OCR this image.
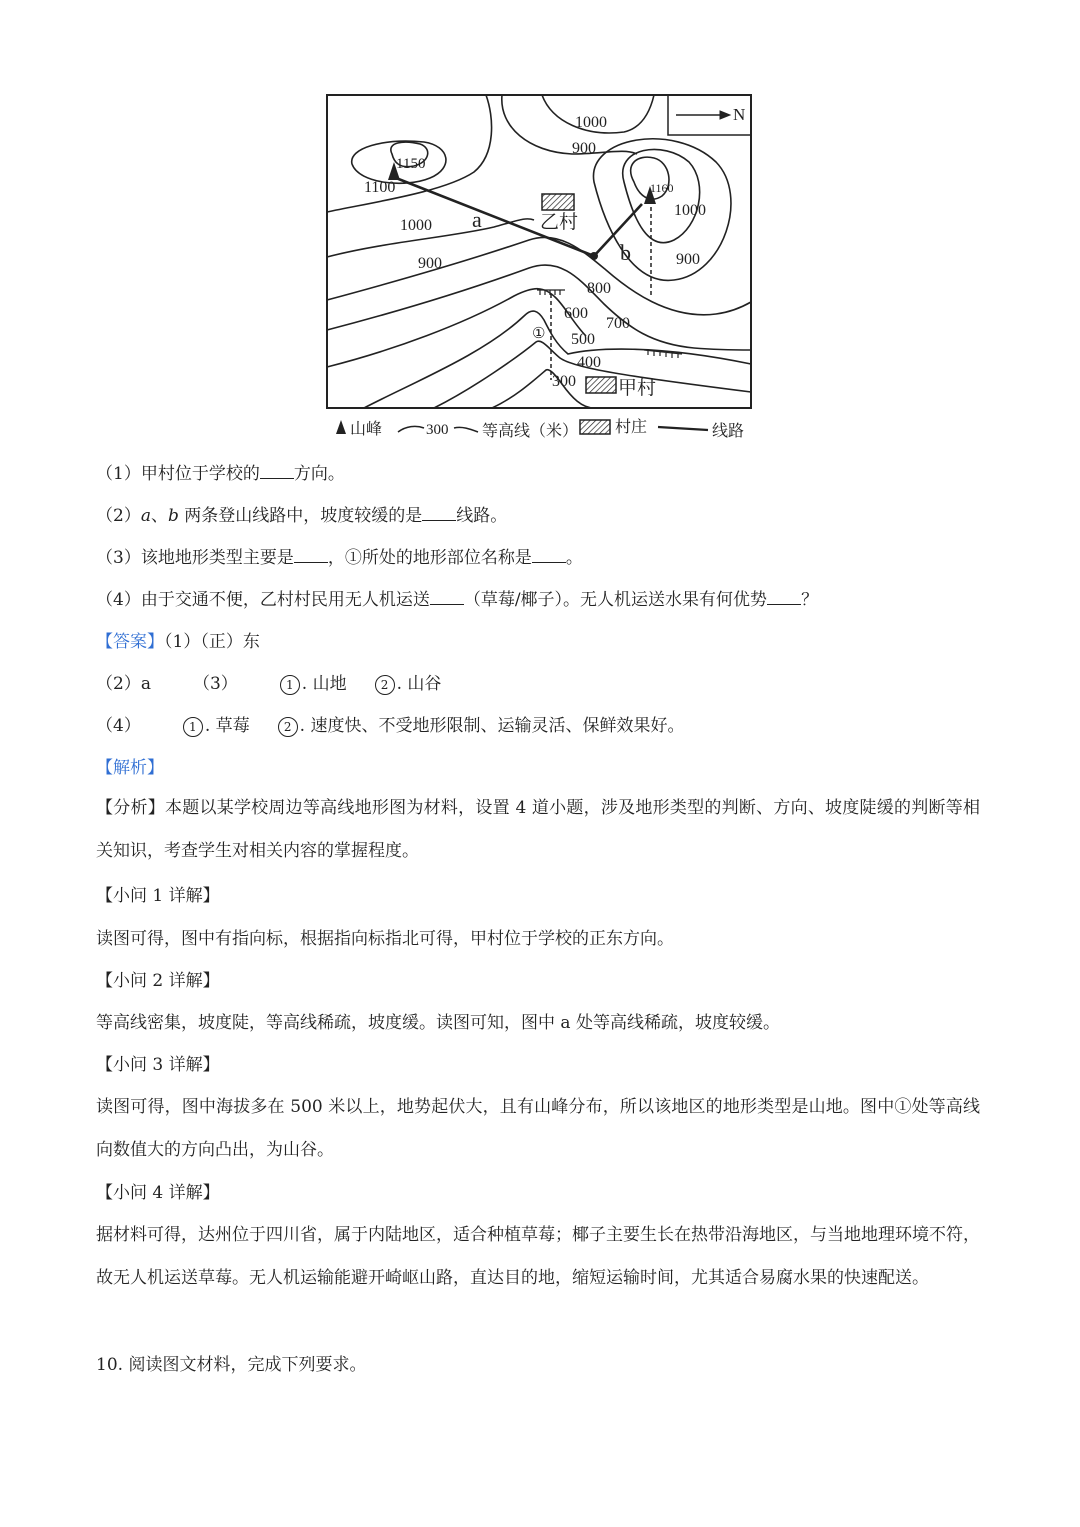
N
1000
900
1150
1100	1160
1000
900
1000
900
800
600
700
500
400
300
a
b
乙村
甲村
①
山峰	300 等高线（米） 村庄	线路
（1）甲村位于学校的 方向。
（2）a、b 两条登山线路中，坡度较缓的是 线路。
（3）该地地形类型主要是 ，①所处的地形部位名称是 。
（4）由于交通不便，乙村村民用无人机运送 （草莓/椰子）。无人机运送水果有何优势 ？
【答案】（1）（正）东
（2）a （3）	1 . 山地	2 . 山谷
（4）	1 . 草莓	2 . 速度快、不受地形限制、运输灵活、保鲜效果好。
【解析】
【分析】本题以某学校周边等高线地形图为材料，设置 4 道小题，涉及地形类型的判断、方向、坡度陡缓的判断等相关知识，考查学生对相关内容的掌握程度。
【小问 1 详解】
读图可得，图中有指向标，根据指向标指北可得，甲村位于学校的正东方向。
【小问 2 详解】
等高线密集，坡度陡，等高线稀疏，坡度缓。读图可知，图中 a 处等高线稀疏，坡度较缓。
【小问 3 详解】
读图可得，图中海拔多在 500 米以上，地势起伏大，且有山峰分布，所以该地区的地形类型是山地。图中①处等高线向数值大的方向凸出，为山谷。
【小问 4 详解】
据材料可得，达州位于四川省，属于内陆地区，适合种植草莓；椰子主要生长在热带沿海地区，与当地地理环境不符，故无人机运送草莓。无人机运输能避开崎岖山路，直达目的地，缩短运输时间，尤其适合易腐水果的快速配送。
10. 阅读图文材料，完成下列要求。
